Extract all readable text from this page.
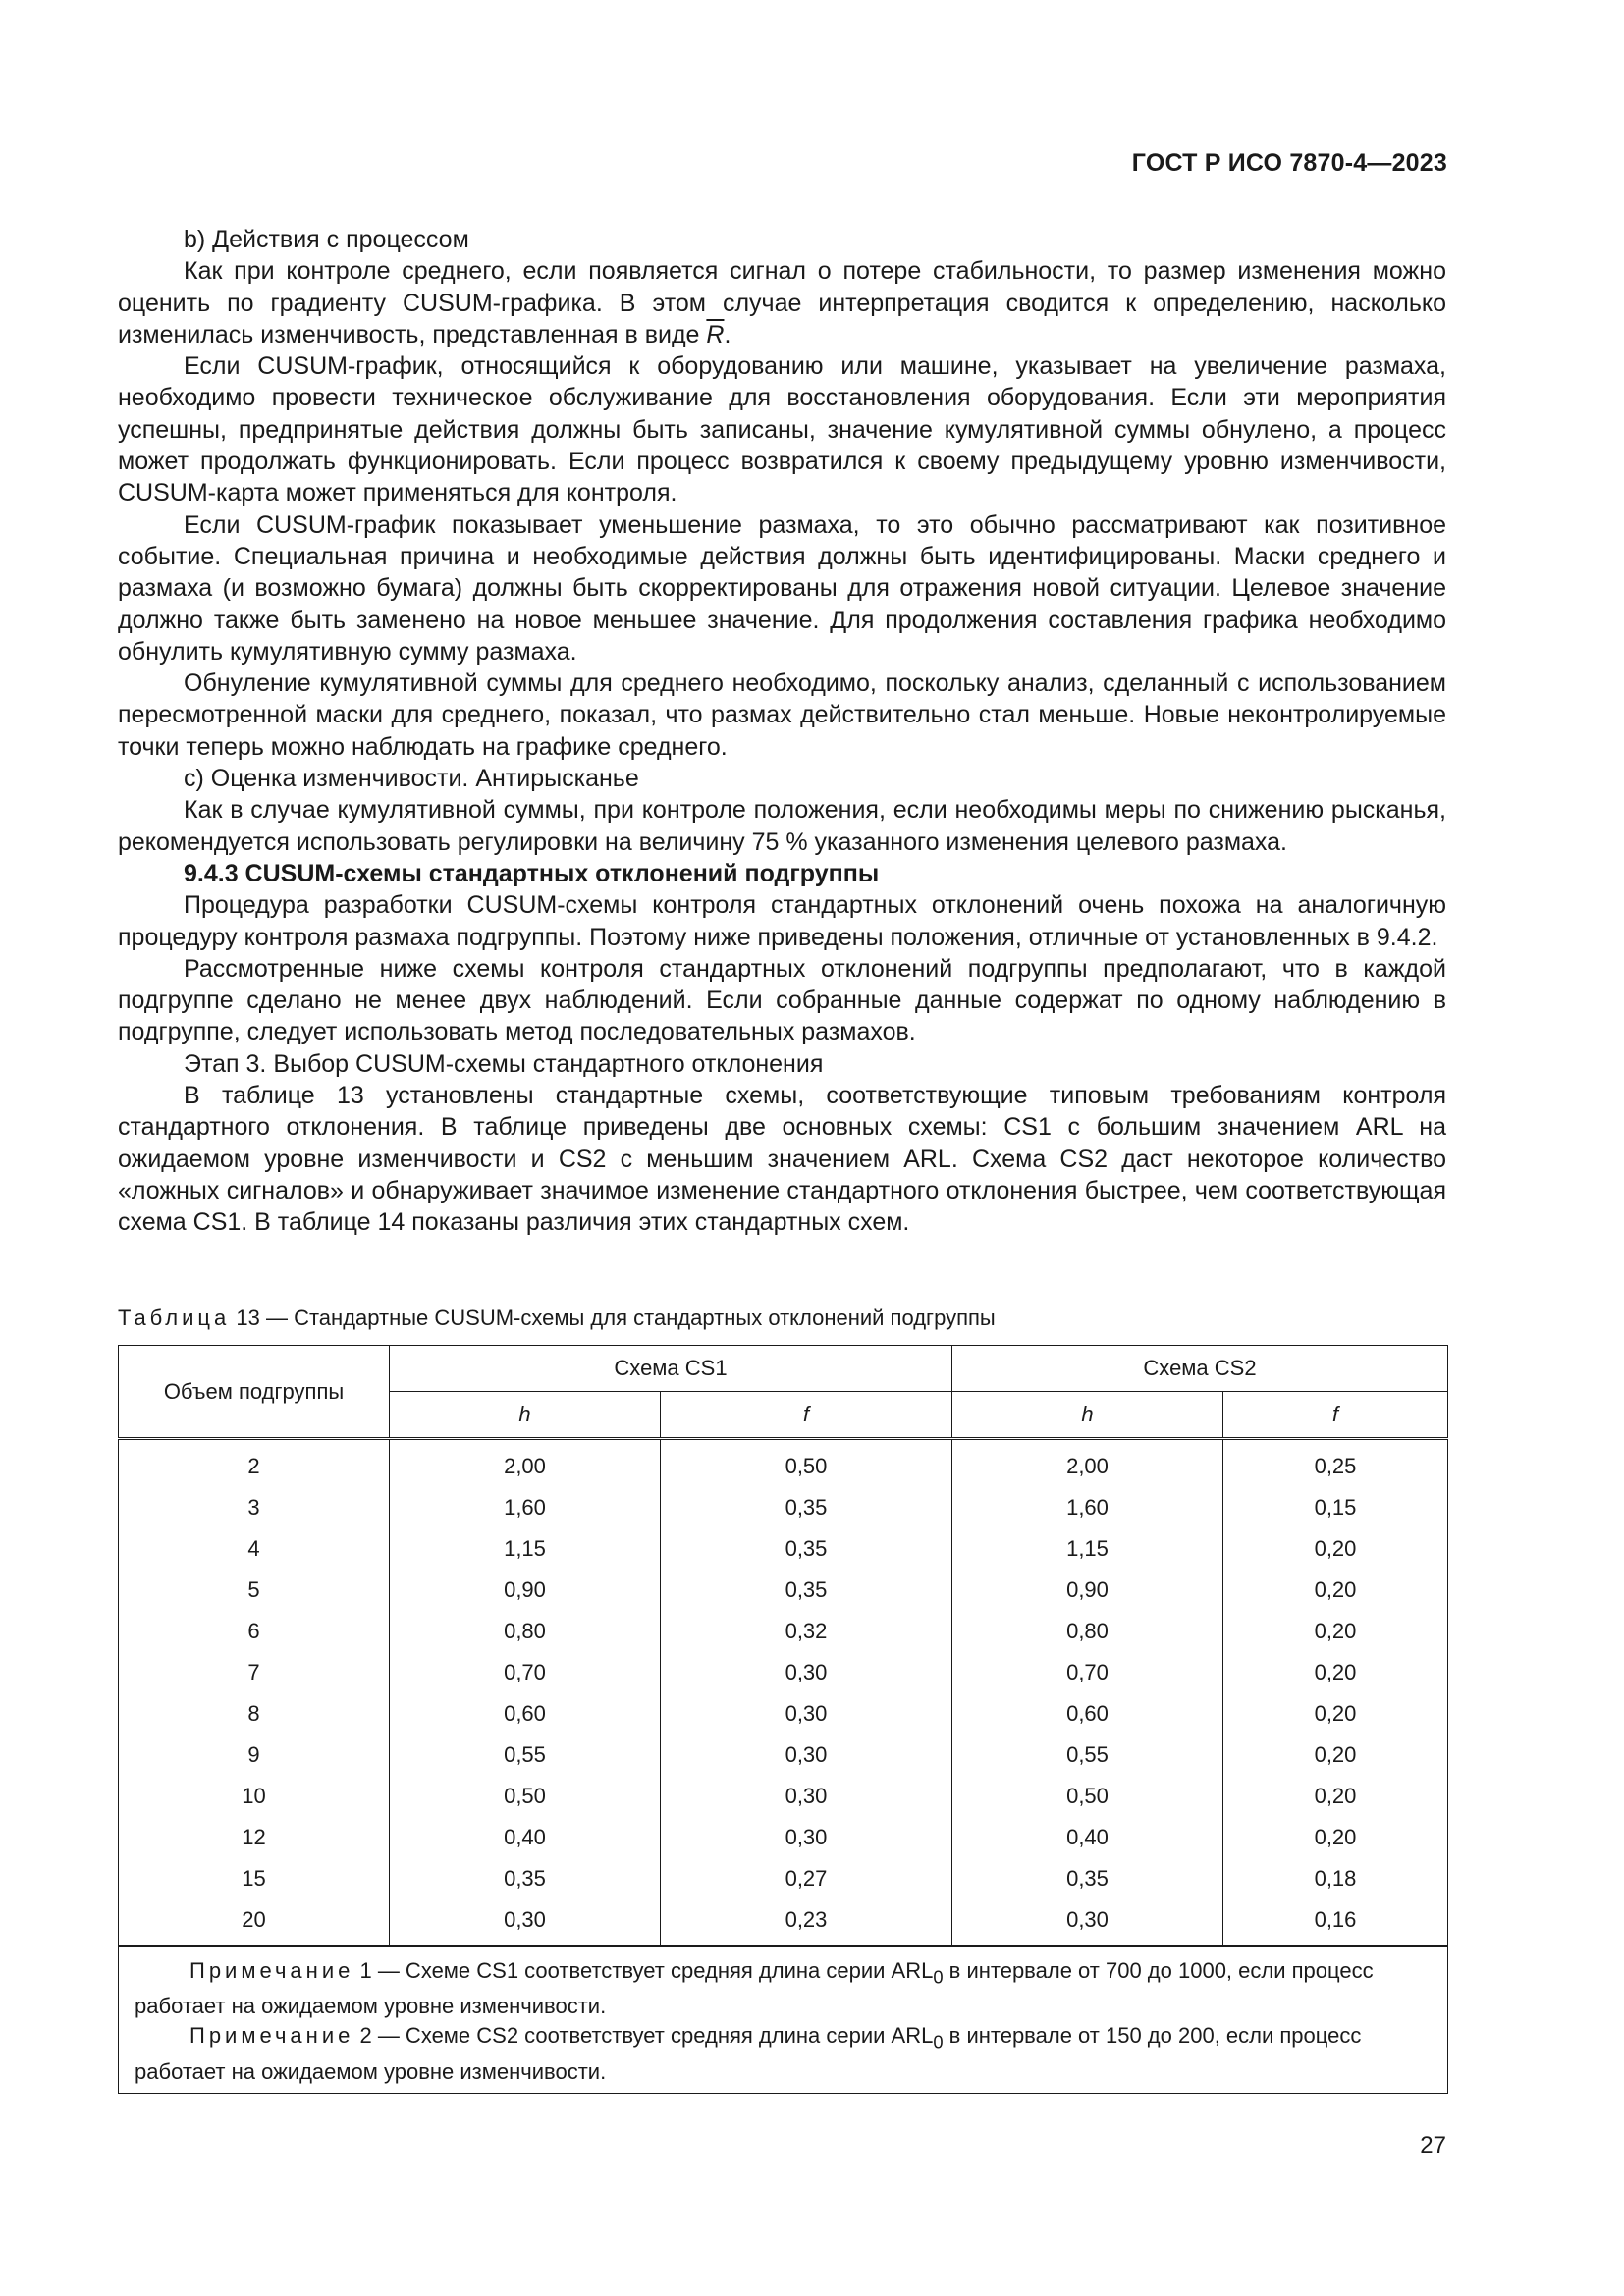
ГОСТ Р ИСО 7870-4—2023

b) Действия с процессом

Как при контроле среднего, если появляется сигнал о потере стабильности, то размер изменения можно оценить по градиенту CUSUM-графика. В этом случае интерпретация сводится к определению, насколько изменилась изменчивость, представленная в виде $\overline{R}$.

Если CUSUM-график, относящийся к оборудованию или машине, указывает на увеличение размаха, необходимо провести техническое обслуживание для восстановления оборудования. Если эти мероприятия успешны, предпринятые действия должны быть записаны, значение кумулятивной суммы обнулено, а процесс может продолжать функционировать. Если процесс возвратился к своему предыдущему уровню изменчивости, CUSUM-карта может применяться для контроля.

Если CUSUM-график показывает уменьшение размаха, то это обычно рассматривают как позитивное событие. Специальная причина и необходимые действия должны быть идентифицированы. Маски среднего и размаха (и возможно бумага) должны быть скорректированы для отражения новой ситуации. Целевое значение должно также быть заменено на новое меньшее значение. Для продолжения составления графика необходимо обнулить кумулятивную сумму размаха.

Обнуление кумулятивной суммы для среднего необходимо, поскольку анализ, сделанный с использованием пересмотренной маски для среднего, показал, что размах действительно стал меньше. Новые неконтролируемые точки теперь можно наблюдать на графике среднего.

c) Оценка изменчивости. Антирысканье

Как в случае кумулятивной суммы, при контроле положения, если необходимы меры по снижению рысканья, рекомендуется использовать регулировки на величину 75 % указанного изменения целевого размаха.

9.4.3 CUSUM-схемы стандартных отклонений подгруппы

Процедура разработки CUSUM-схемы контроля стандартных отклонений очень похожа на аналогичную процедуру контроля размаха подгруппы. Поэтому ниже приведены положения, отличные от установленных в 9.4.2.

Рассмотренные ниже схемы контроля стандартных отклонений подгруппы предполагают, что в каждой подгруппе сделано не менее двух наблюдений. Если собранные данные содержат по одному наблюдению в подгруппе, следует использовать метод последовательных размахов.

Этап 3. Выбор CUSUM-схемы стандартного отклонения

В таблице 13 установлены стандартные схемы, соответствующие типовым требованиям контроля стандартного отклонения. В таблице приведены две основных схемы: CS1 с большим значением ARL на ожидаемом уровне изменчивости и CS2 с меньшим значением ARL. Схема CS2 даст некоторое количество «ложных сигналов» и обнаруживает значимое изменение стандартного отклонения быстрее, чем соответствующая схема CS1. В таблице 14 показаны различия этих стандартных схем.

Таблица 13 — Стандартные CUSUM-схемы для стандартных отклонений подгруппы
Объем подгруппы	Схема CS1		Схема CS2	
	h	f	h	f
2	2,00	0,50	2,00	0,25
3	1,60	0,35	1,60	0,15
4	1,15	0,35	1,15	0,20
5	0,90	0,35	0,90	0,20
6	0,80	0,32	0,80	0,20
7	0,70	0,30	0,70	0,20
8	0,60	0,30	0,60	0,20
9	0,55	0,30	0,55	0,20
10	0,50	0,30	0,50	0,20
12	0,40	0,30	0,40	0,20
15	0,35	0,27	0,35	0,18
20	0,30	0,23	0,30	0,16

Примечание 1 — Схеме CS1 соответствует средняя длина серии $ARL_0$ в интервале от 700 до 1000, если процесс работает на ожидаемом уровне изменчивости.

Примечание 2 — Схеме CS2 соответствует средняя длина серии $ARL_0$ в интервале от 150 до 200, если процесс работает на ожидаемом уровне изменчивости.				

27
